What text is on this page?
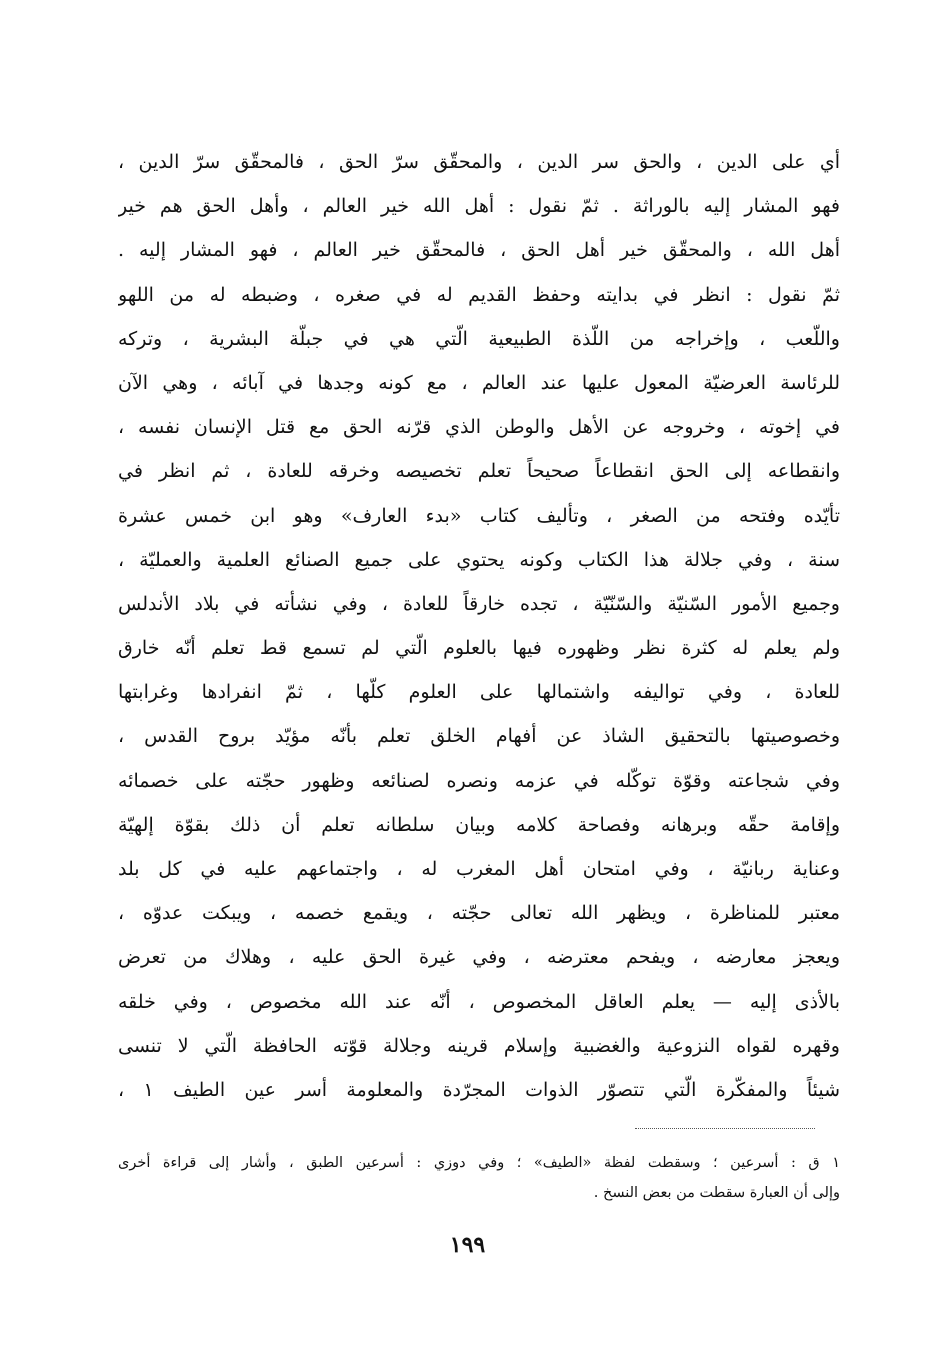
أي على الدين ، والحق سر الدين ، والمحقّق سرّ الحق ، فالمحقّق سرّ الدين ،
فهو المشار إليه بالوراثة . ثمّ نقول : أهل الله خير العالم ، وأهل الحق هم خير
أهل الله ، والمحقّق خير أهل الحق ، فالمحقّق خير العالم ، فهو المشار إليه .
ثمّ نقول : انظر في بدايته وحفظ القديم له في صغره ، وضبطه له من اللهو
واللّعب ، وإخراجه من اللّذة الطبيعية الّتي هي في جبلّة البشرية ، وتركه
للرئاسة العرضيّة المعول عليها عند العالم ، مع كونه وجدها في آبائه ، وهي الآن
في إخوته ، وخروجه عن الأهل والوطن الذي قرّنه الحق مع قتل الإنسان نفسه ،
وانقطاعه إلى الحق انقطاعاً صحيحاً تعلم تخصيصه وخرقه للعادة ، ثم انظر في
تأيّده وفتحه من الصغر ، وتأليف كتاب «بدء العارف» وهو ابن خمس عشرة
سنة ، وفي جلالة هذا الكتاب وكونه يحتوي على جميع الصنائع العلمية والعمليّة ،
وجميع الأمور السّنيّة والسّنّيّة ، تجده خارقاً للعادة ، وفي نشأته في بلاد الأندلس
ولم يعلم له كثرة نظر وظهوره فيها بالعلوم الّتي لم تسمع قط تعلم أنّه خارق
للعادة ، وفي تواليفه واشتمالها على العلوم كلّها ، ثمّ انفرادها وغرابتها
وخصوصيتها بالتحقيق الشاذ عن أفهام الخلق تعلم بأنّه مؤيّد بروح القدس ،
وفي شجاعته وقوّة توكّله في عزمه ونصره لصنائعه وظهور حجّته على خصمائه
وإقامة حقّه وبرهانه وفصاحة كلامه وبيان سلطانه تعلم أن ذلك بقوّة إلهيّة
وعناية ربانيّة ، وفي امتحان أهل المغرب له ، واجتماعهم عليه في كل بلد
معتبر للمناظرة ، ويظهر الله تعالى حجّته ، ويقمع خصمه ، ويبكت عدوّه ،
ويعجز معارضه ، ويفحم معترضه ، وفي غيرة الحق عليه ، وهلاك من تعرض
بالأذى إليه — يعلم العاقل المخصوص ، أنّه عند الله مخصوص ، وفي خلقه
وقهره لقواه النزوعية والغضبية وإسلام قرينه وجلالة قوّته الحافظة الّتي لا تنسى
شيئاً والمفكّرة الّتي تتصوّر الذوات المجرّدة والمعلومة أسر عين الطيف ١ ،
١ ق : أسرعين ؛ وسقطت لفظة «الطيف» ؛ وفي دوزي : أسرعين الطبق ، وأشار إلى قراءة أخرى
وإلى أن العبارة سقطت من بعض النسخ .
١٩٩
